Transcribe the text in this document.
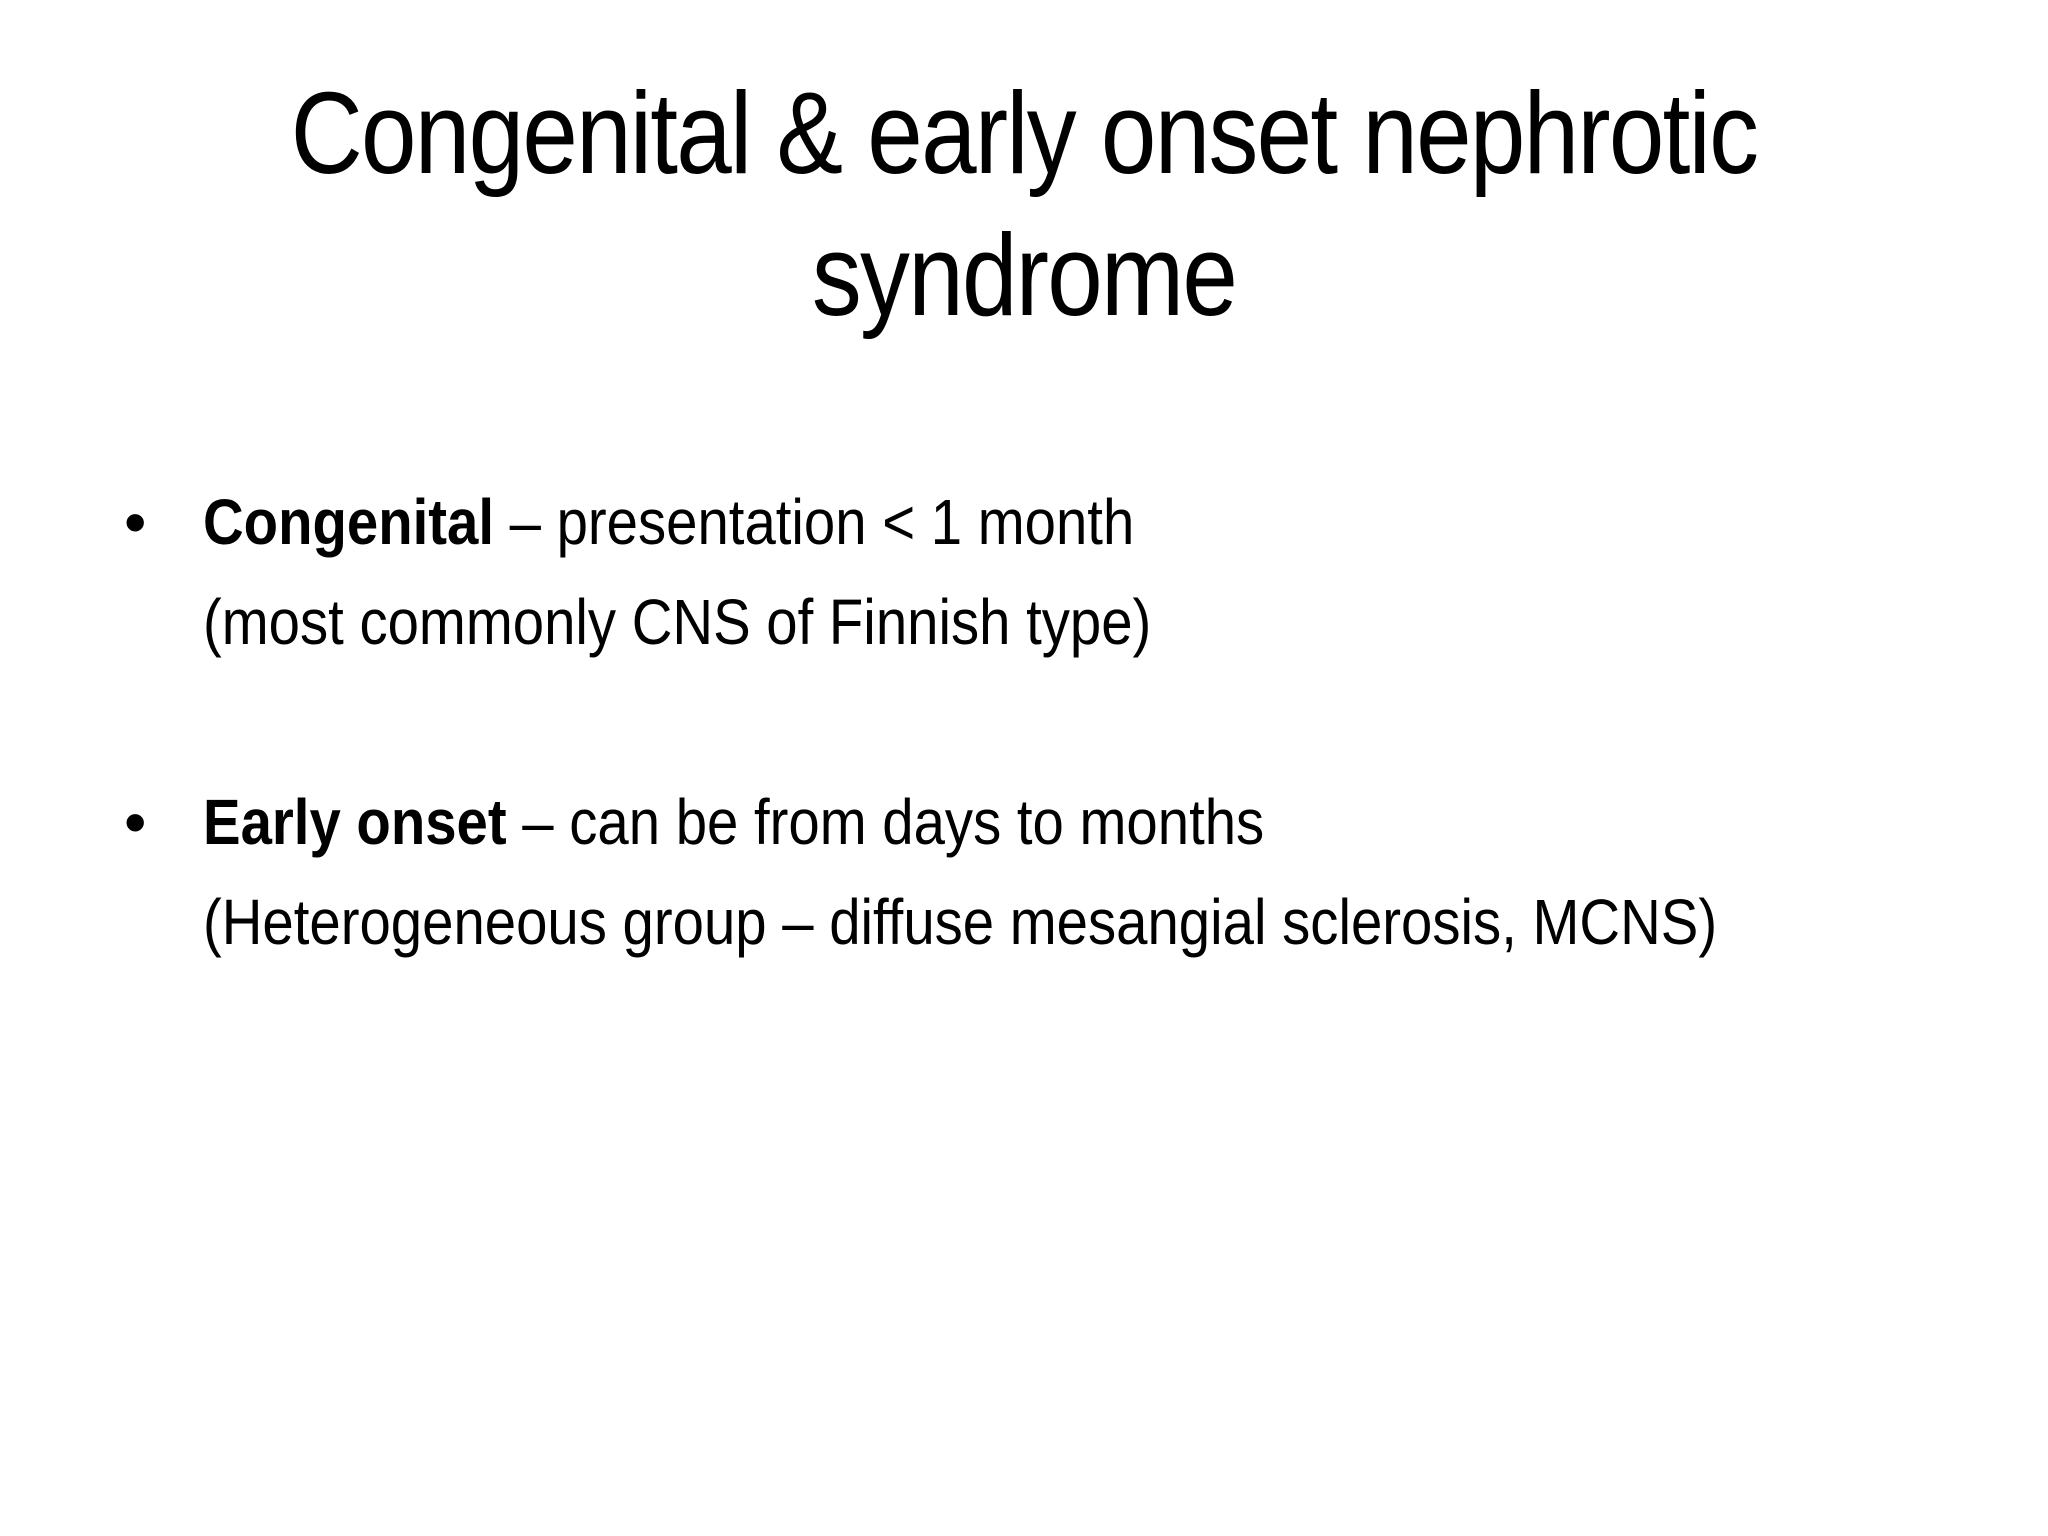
Congenital & early onset nephrotic syndrome
• Congenital – presentation < 1 month
(most commonly CNS of Finnish type)
• Early onset – can be from days to months
(Heterogeneous group – diffuse mesangial sclerosis, MCNS)
